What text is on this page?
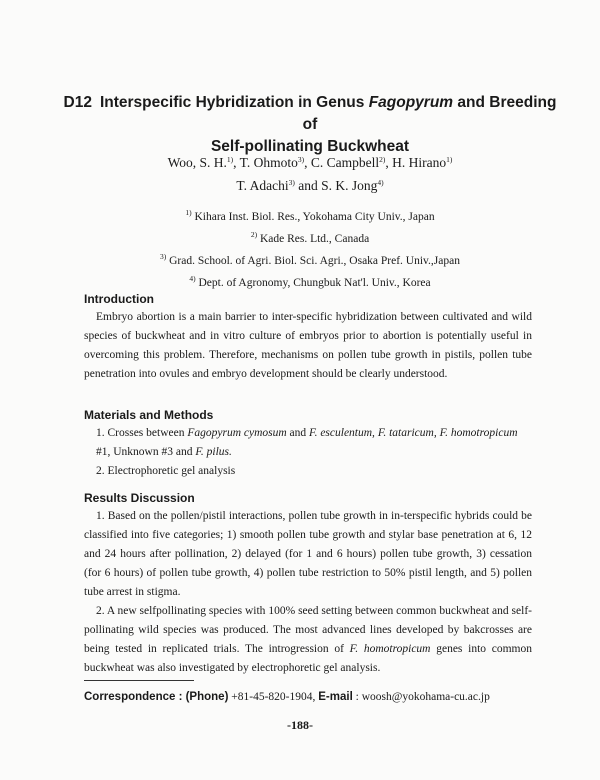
D12 Interspecific Hybridization in Genus Fagopyrum and Breeding of
Self-pollinating Buckwheat
Woo, S. H.$^{1)}$, T. Ohmoto$^{3)}$, C. Campbell$^{2)}$, H. Hirano$^{1)}$
T. Adachi$^{3)}$ and S. K. Jong$^{4)}$
$^{1)}$ Kihara Inst. Biol. Res., Yokohama City Univ., Japan
$^{2)}$ Kade Res. Ltd., Canada
$^{3)}$ Grad. School. of Agri. Biol. Sci. Agri., Osaka Pref. Univ.,Japan
$^{4)}$ Dept. of Agronomy, Chungbuk Nat'l. Univ., Korea
Introduction

Embryo abortion is a main barrier to inter-specific hybridization between cultivated and wild species of buckwheat and in vitro culture of embryos prior to abortion is potentially useful in overcoming this problem. Therefore, mechanisms on pollen tube growth in pistils, pollen tube penetration into ovules and embryo development should be clearly understood.

Materials and Methods
1. Crosses between Fagopyrum cymosum and F. esculentum, F. tataricum, F. homotropicum #1, Unknown #3 and F. pilus.
2. Electrophoretic gel analysis
Results Discussion

1. Based on the pollen/pistil interactions, pollen tube growth in in-terspecific hybrids could be classified into five categories; 1) smooth pollen tube growth and stylar base penetration at 6, 12 and 24 hours after pollination, 2) delayed (for 1 and 6 hours) pollen tube growth, 3) cessation (for 6 hours) of pollen tube growth, 4) pollen tube restriction to 50% pistil length, and 5) pollen tube arrest in stigma.

2. A new selfpollinating species with 100% seed setting between common buckwheat and self-pollinating wild species was produced. The most advanced lines developed by bakcrosses are being tested in replicated trials. The introgression of F. homotropicum genes into common buckwheat was also investigated by electrophoretic gel analysis.

Correspondence : (Phone) +81-45-820-1904, E-mail : woosh@yokohama-cu.ac.jp
-188-
